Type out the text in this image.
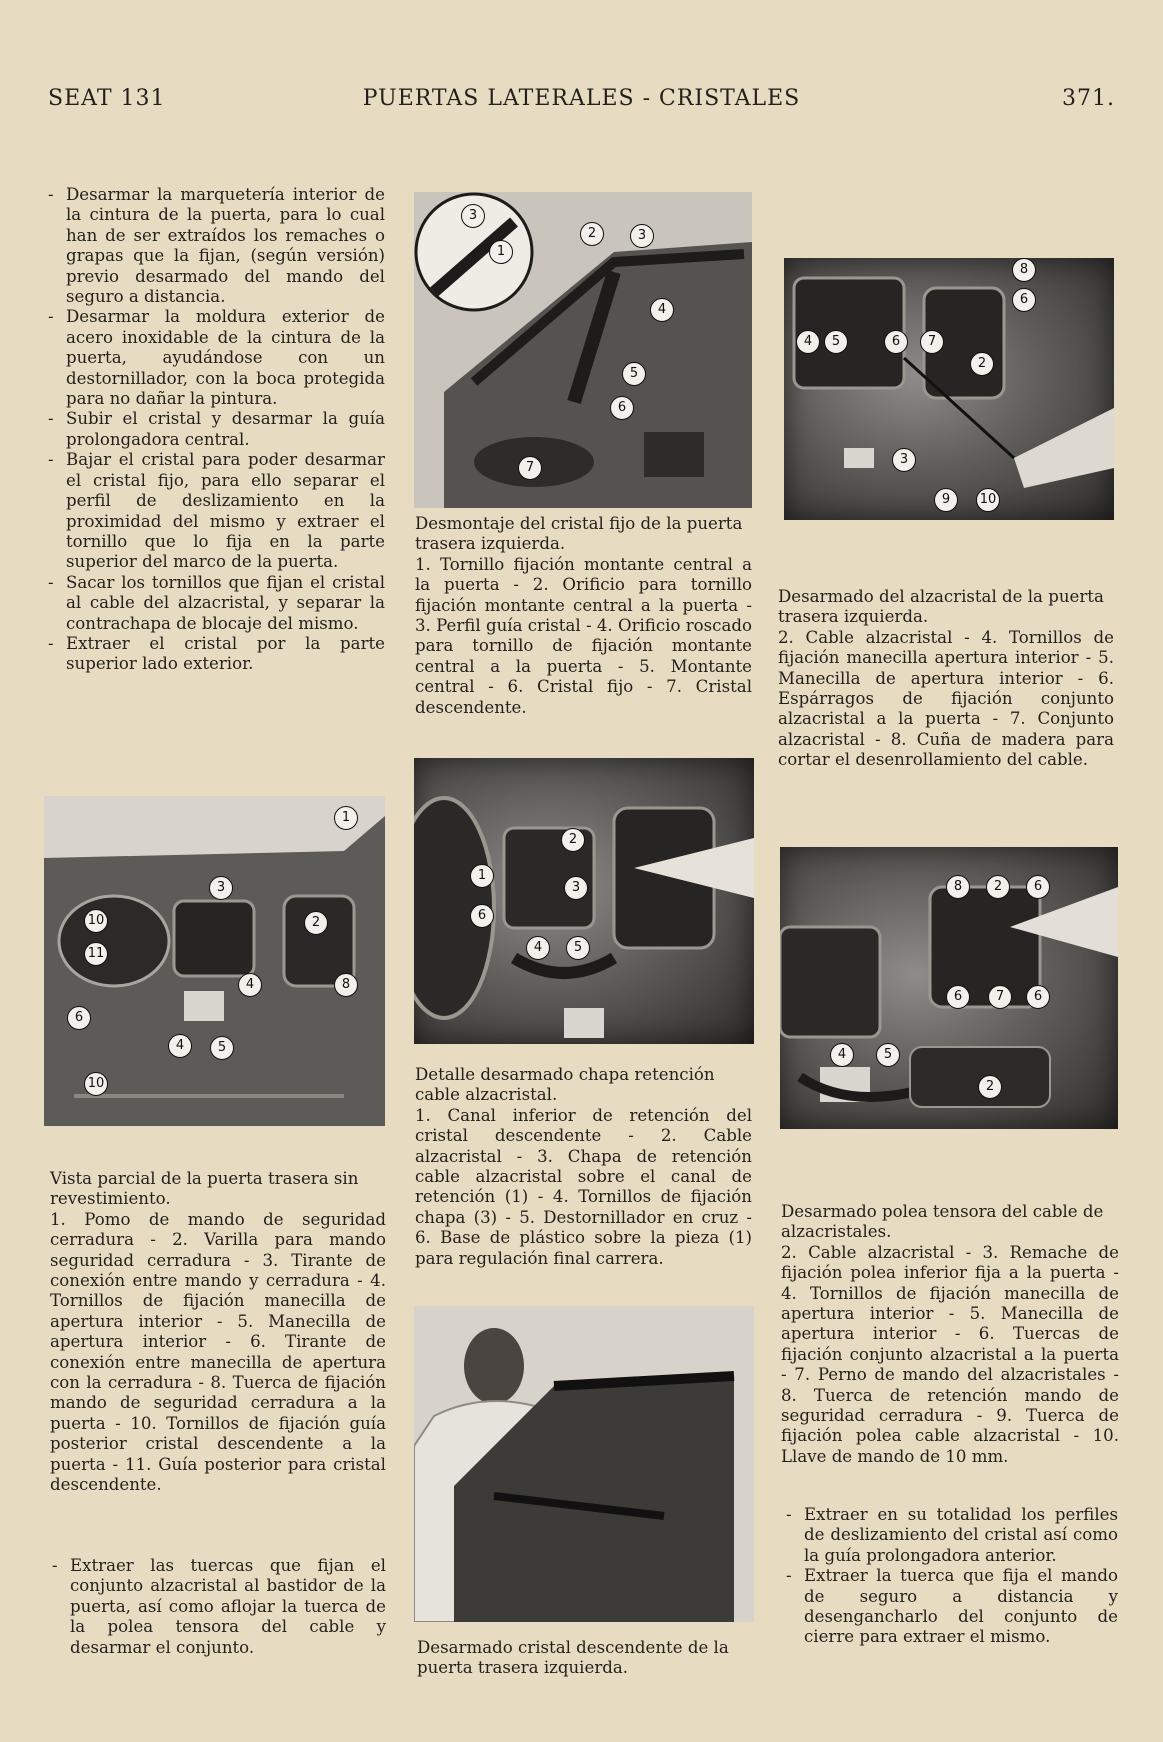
SEAT 131	PUERTAS LATERALES - CRISTALES	371.

- Desarmar la marquetería interior de la cintura de la puerta, para lo cual han de ser extraídos los remaches o grapas que la fijan, (según versión) previo desarmado del mando del seguro a distancia.

- Desarmar la moldura exterior de acero inoxidable de la cintura de la puerta, ayudándose con un destornillador, con la boca protegida para no dañar la pintura.

- Subir el cristal y desarmar la guía prolongadora central.

- Bajar el cristal para poder desarmar el cristal fijo, para ello separar el perfil de deslizamiento en la proximidad del mismo y extraer el tornillo que lo fija en la parte superior del marco de la puerta.

- Sacar los tornillos que fijan el cristal al cable del alzacristal, y separar la contrachapa de blocaje del mismo.

- Extraer el cristal por la parte superior lado exterior.

1
3
10	2
11
8
4
6
4	5
10

Vista parcial de la puerta trasera sin revestimiento.

1. Pomo de mando de seguridad cerradura - 2. Varilla para mando seguridad cerradura - 3. Tirante de conexión entre mando y cerradura - 4. Tornillos de fijación manecilla de apertura interior - 5. Manecilla de apertura interior - 6. Tirante de conexión entre manecilla de apertura con la cerradura - 8. Tuerca de fijación mando de seguridad cerradura a la puerta - 10. Tornillos de fijación guía posterior cristal descendente a la puerta - 11. Guía posterior para cristal descendente.

- Extraer las tuercas que fijan el conjunto alzacristal al bastidor de la puerta, así como aflojar la tuerca de la polea tensora del cable y desarmar el conjunto.

3
1
2	3
4
5
6
7

Desmontaje del cristal fijo de la puerta trasera izquierda.

1. Tornillo fijación montante central a la puerta - 2. Orificio para tornillo fijación montante central a la puerta - 3. Perfil guía cristal - 4. Orificio roscado para tornillo de fijación montante central a la puerta - 5. Montante central - 6. Cristal fijo - 7. Cristal descendente.

2
1
3
6
4	5

Detalle desarmado chapa retención cable alzacristal.

1. Canal inferior de retención del cristal descendente - 2. Cable alzacristal - 3. Chapa de retención cable alzacristal sobre el canal de retención (1) - 4. Tornillos de fijación chapa (3) - 5. Destornillador en cruz - 6. Base de plástico sobre la pieza (1) para regulación final carrera.

Desarmado cristal descendente de la puerta trasera izquierda.

8
6
4	5	6	7
2
3
9	10

Desarmado del alzacristal de la puerta trasera izquierda.

2. Cable alzacristal - 4. Tornillos de fijación manecilla apertura interior - 5. Manecilla de apertura interior - 6. Espárragos de fijación conjunto alzacristal a la puerta - 7. Conjunto alzacristal - 8. Cuña de madera para cortar el desenrollamiento del cable.

8	2	6
6	7	6
4	5
2

Desarmado polea tensora del cable de alzacristales.

2. Cable alzacristal - 3. Remache de fijación polea inferior fija a la puerta - 4. Tornillos de fijación manecilla de apertura interior - 5. Manecilla de apertura interior - 6. Tuercas de fijación conjunto alzacristal a la puerta - 7. Perno de mando del alzacristales - 8. Tuerca de retención mando de seguridad cerradura - 9. Tuerca de fijación polea cable alzacristal - 10. Llave de mando de 10 mm.

- Extraer en su totalidad los perfiles de deslizamiento del cristal así como la guía prolongadora anterior.

- Extraer la tuerca que fija el mando de seguro a distancia y desengancharlo del conjunto de cierre para extraer el mismo.
